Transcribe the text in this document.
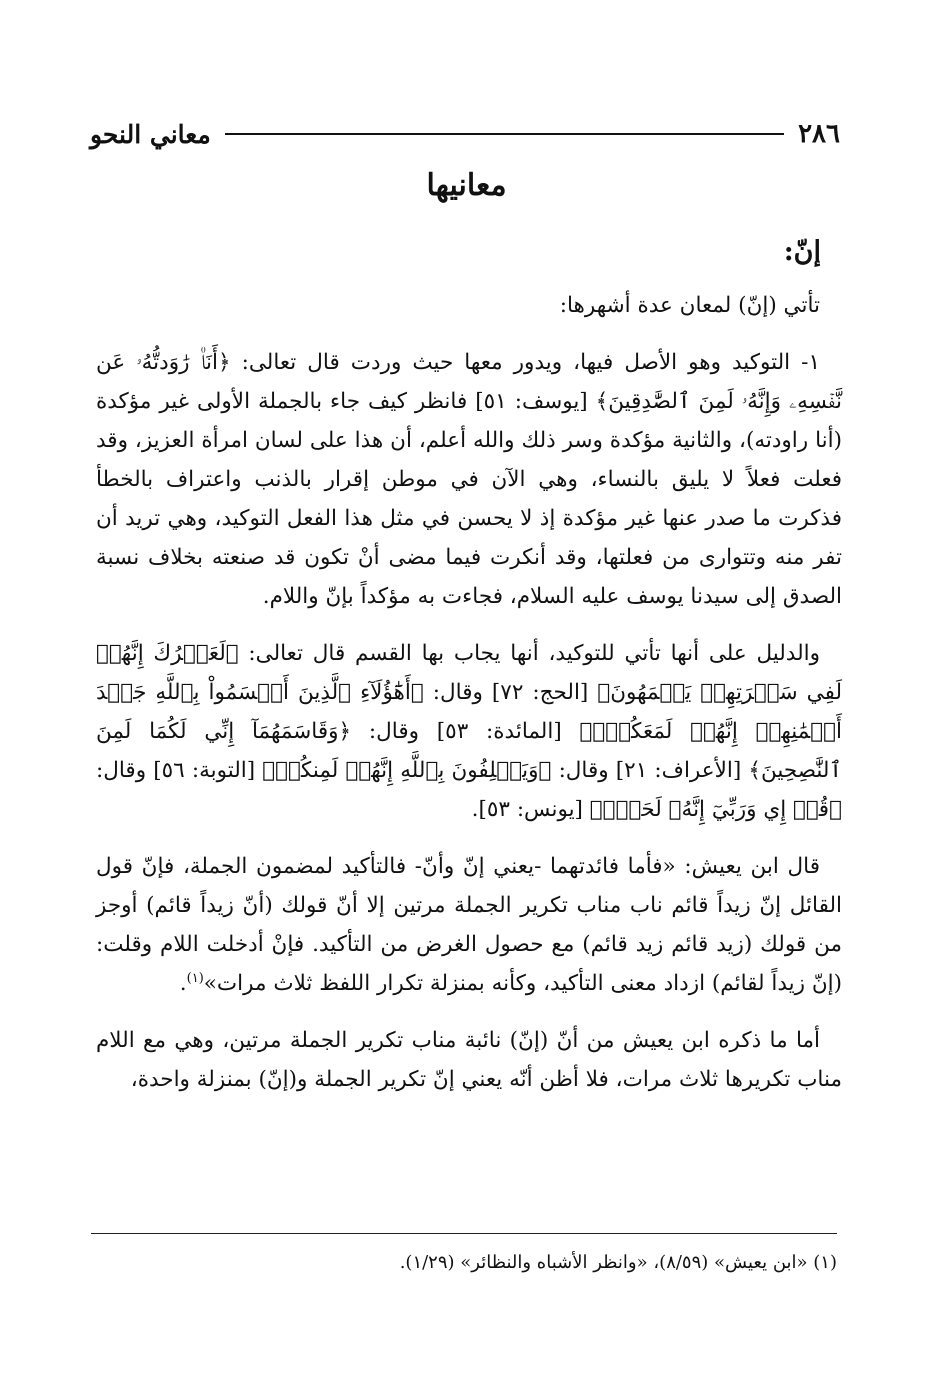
٢٨٦
معاني النحو
معانيها
إنّ:

تأتي (إنّ) لمعان عدة أشهرها:

١- التوكيد وهو الأصل فيها، ويدور معها حيث وردت قال تعالى: ﴿أَنَا۠ رَٰوَدتُّهُۥ عَن نَّفۡسِهِۦ وَإِنَّهُۥ لَمِنَ ٱلصَّٰدِقِينَ﴾ [يوسف: ٥١] فانظر كيف جاء بالجملة الأولى غير مؤكدة (أنا راودته)، والثانية مؤكدة وسر ذلك والله أعلم، أن هذا على لسان امرأة العزيز، وقد فعلت فعلاً لا يليق بالنساء، وهي الآن في موطن إقرار بالذنب واعتراف بالخطأ فذكرت ما صدر عنها غير مؤكدة إذ لا يحسن في مثل هذا الفعل التوكيد، وهي تريد أن تفر منه وتتوارى من فعلتها، وقد أنكرت فيما مضى أنْ تكون قد صنعته بخلاف نسبة الصدق إلى سيدنا يوسف عليه السلام، فجاءت به مؤكداً بإنّ واللام.

والدليل على أنها تأتي للتوكيد، أنها يجاب بها القسم قال تعالى: ﴿لَعَمۡرُكَ إِنَّهُمۡ لَفِي سَكۡرَتِهِمۡ يَعۡمَهُونَ﴾ [الحج: ٧٢] وقال: ﴿أَهَٰٓؤُلَآءِ ٱلَّذِينَ أَقۡسَمُواْ بِٱللَّهِ جَهۡدَ أَيۡمَٰنِهِمۡ إِنَّهُمۡ لَمَعَكُمۡۚ﴾ [المائدة: ٥٣] وقال: ﴿وَقَاسَمَهُمَآ إِنِّي لَكُمَا لَمِنَ ٱلنَّٰصِحِينَ﴾ [الأعراف: ٢١] وقال: ﴿وَيَحۡلِفُونَ بِٱللَّهِ إِنَّهُمۡ لَمِنكُمۡ﴾ [التوبة: ٥٦] وقال: ﴿قُلۡ إِي وَرَبِّيٓ إِنَّهُۥ لَحَقّٞ﴾ [يونس: ٥٣].

قال ابن يعيش: «فأما فائدتهما -يعني إنّ وأنّ- فالتأكيد لمضمون الجملة، فإنّ قول القائل إنّ زيداً قائم ناب مناب تكرير الجملة مرتين إلا أنّ قولك (أنّ زيداً قائم) أوجز من قولك (زيد قائم زيد قائم) مع حصول الغرض من التأكيد. فإنْ أدخلت اللام وقلت: (إنّ زيداً لقائم) ازداد معنى التأكيد، وكأنه بمنزلة تكرار اللفظ ثلاث مرات»$^{(١)}$.

أما ما ذكره ابن يعيش من أنّ (إنّ) نائبة مناب تكرير الجملة مرتين، وهي مع اللام مناب تكريرها ثلاث مرات، فلا أظن أنّه يعني إنّ تكرير الجملة و(إنّ) بمنزلة واحدة،

(١) «ابن يعيش» (٨/٥٩)، «وانظر الأشباه والنظائر» (١/٢٩).
